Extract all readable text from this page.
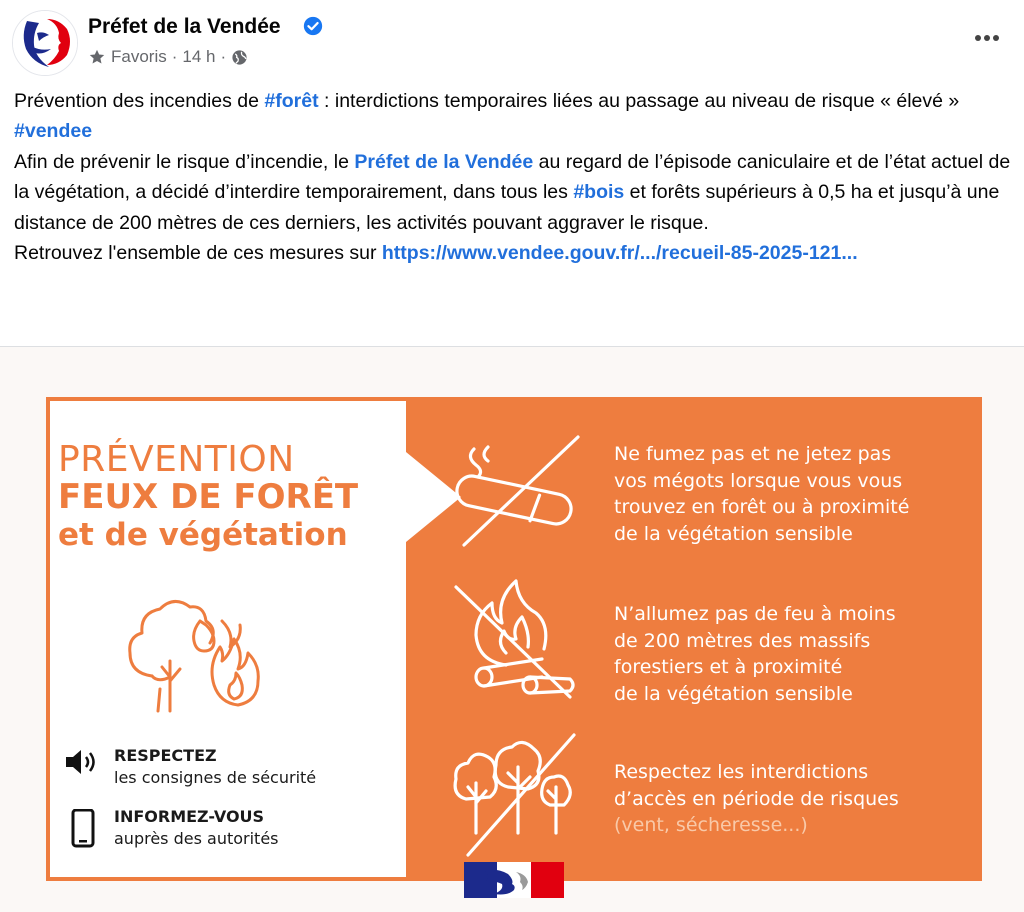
Préfet de la Vendée
Favoris · 14 h ·

Prévention des incendies de #forêt : interdictions temporaires liées au passage au niveau de risque « élevé » #vendee

Afin de prévenir le risque d’incendie, le Préfet de la Vendée au regard de l’épisode caniculaire et de l’état actuel de la végétation, a décidé d’interdire temporairement, dans tous les #bois et forêts supérieurs à 0,5 ha et jusqu’à une distance de 200 mètres de ces derniers, les activités pouvant aggraver le risque.

Retrouvez l'ensemble de ces mesures sur https://www.vendee.gouv.fr/.../recueil-85-2025-121...

PRÉVENTION
FEUX DE FORÊT
et de végétation
RESPECTEZ
les consignes de sécurité
INFORMEZ-VOUS
auprès des autorités
Ne fumez pas et ne jetez pas
vos mégots lorsque vous vous
trouvez en forêt ou à proximité
de la végétation sensible
N’allumez pas de feu à moins
de 200 mètres des massifs
forestiers et à proximité
de la végétation sensible
Respectez les interdictions
d’accès en période de risques
(vent, sécheresse...)
